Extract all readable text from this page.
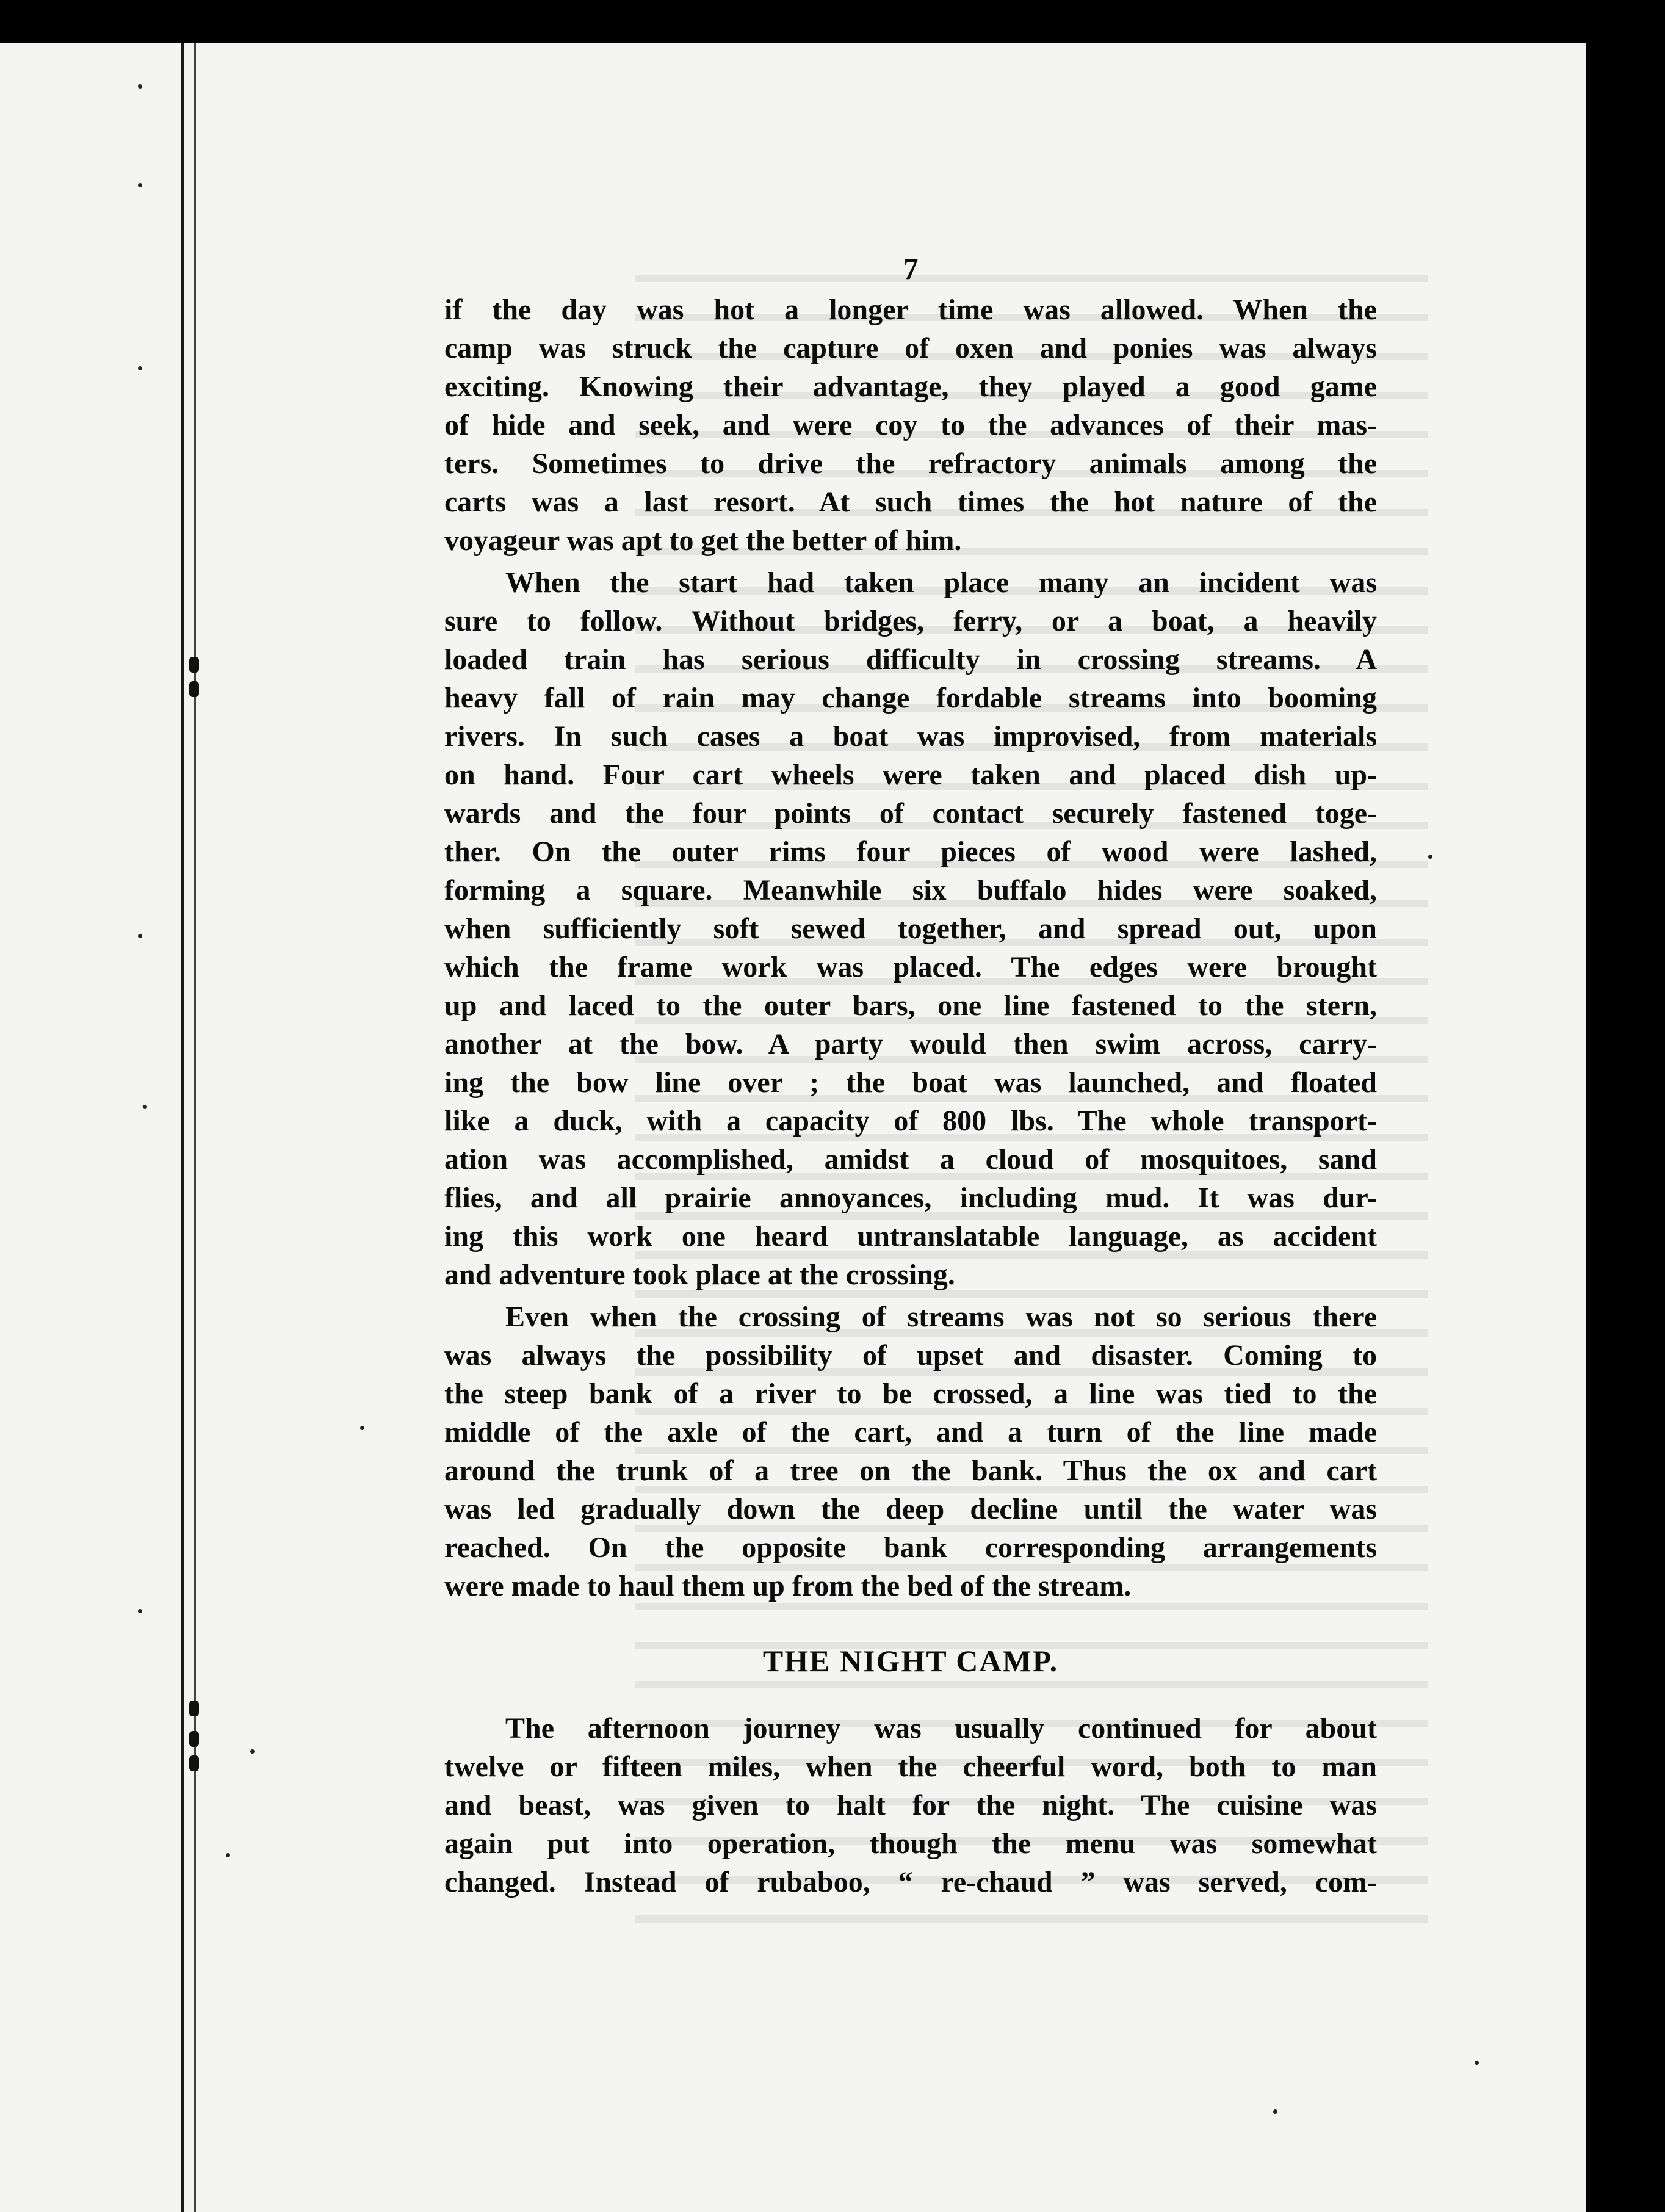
7

if the day was hot a longer time was allowed. When the
camp was struck the capture of oxen and ponies was always
exciting. Knowing their advantage, they played a good game
of hide and seek, and were coy to the advances of their mas-
ters. Sometimes to drive the refractory animals among the
carts was a last resort. At such times the hot nature of the
voyageur was apt to get the better of him.

When the start had taken place many an incident was
sure to follow. Without bridges, ferry, or a boat, a heavily
loaded train has serious difficulty in crossing streams. A
heavy fall of rain may change fordable streams into booming
rivers. In such cases a boat was improvised, from materials
on hand. Four cart wheels were taken and placed dish up-
wards and the four points of contact securely fastened toge-
ther. On the outer rims four pieces of wood were lashed,
forming a square. Meanwhile six buffalo hides were soaked,
when sufficiently soft sewed together, and spread out, upon
which the frame work was placed. The edges were brought
up and laced to the outer bars, one line fastened to the stern,
another at the bow. A party would then swim across, carry-
ing the bow line over ; the boat was launched, and floated
like a duck, with a capacity of 800 lbs. The whole transport-
ation was accomplished, amidst a cloud of mosquitoes, sand
flies, and all prairie annoyances, including mud. It was dur-
ing this work one heard untranslatable language, as accident
and adventure took place at the crossing.

Even when the crossing of streams was not so serious there
was always the possibility of upset and disaster. Coming to
the steep bank of a river to be crossed, a line was tied to the
middle of the axle of the cart, and a turn of the line made
around the trunk of a tree on the bank. Thus the ox and cart
was led gradually down the deep decline until the water was
reached. On the opposite bank corresponding arrangements
were made to haul them up from the bed of the stream.

THE NIGHT CAMP.

The afternoon journey was usually continued for about
twelve or fifteen miles, when the cheerful word, both to man
and beast, was given to halt for the night. The cuisine was
again put into operation, though the menu was somewhat
changed. Instead of rubaboo, “ re-chaud ” was served, com-
